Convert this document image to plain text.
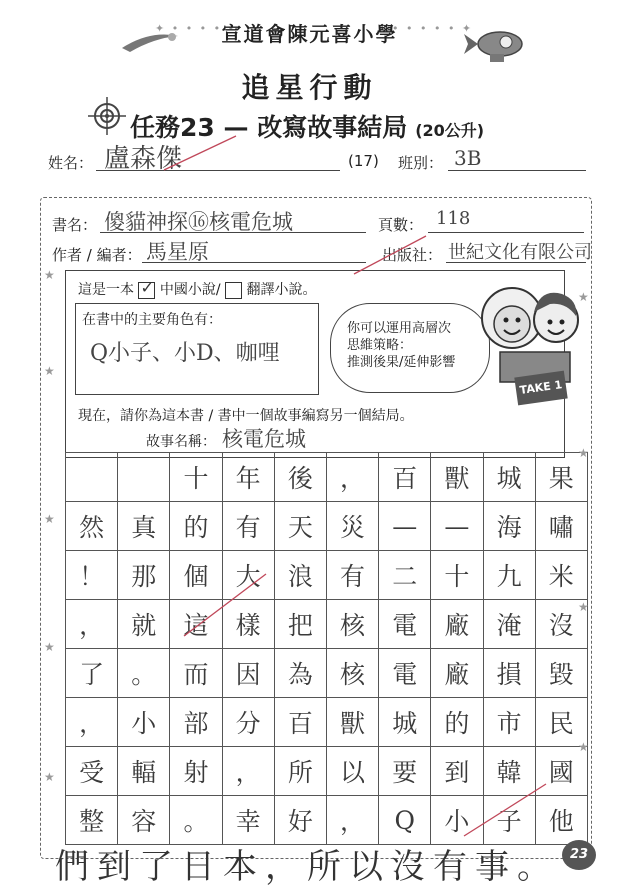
✦ • • • • •
宣道會陳元喜小學
• • • • • ✦
追星行動
任務23 — 改寫故事結局 (20公升)
姓名： 盧森傑	(17) 班別： 3B
書名： 傻貓神探⑯核電危城	頁數： 118
作者 / 編者： 馬星原	出版社： 世紀文化有限公司
這是一本 ✓ 中國小說/ 翻譯小說。
在書中的主要角色有：
Q小子、小D、咖哩
你可以運用高層次
思維策略：
推測後果/延伸影響
TAKE 1
現在，請你為這本書 / 書中一個故事編寫另一個結局。
故事名稱： 核電危城
		十	年	後	，	百	獸	城	果
然	真	的	有	天	災	—	—	海	嘯
！	那	個	大	浪	有	二	十	九	米
，	就	這	樣	把	核	電	廠	淹	沒
了	。	而	因	為	核	電	廠	損	毀
，	小	部	分	百	獸	城	的	市	民
受	輻	射	，	所	以	要	到	韓	國
整	容	。	幸	好	，	Q	小	子	他
們到了日本，所以沒有事。 23
★
★
★
★
★
★
★
★
★
